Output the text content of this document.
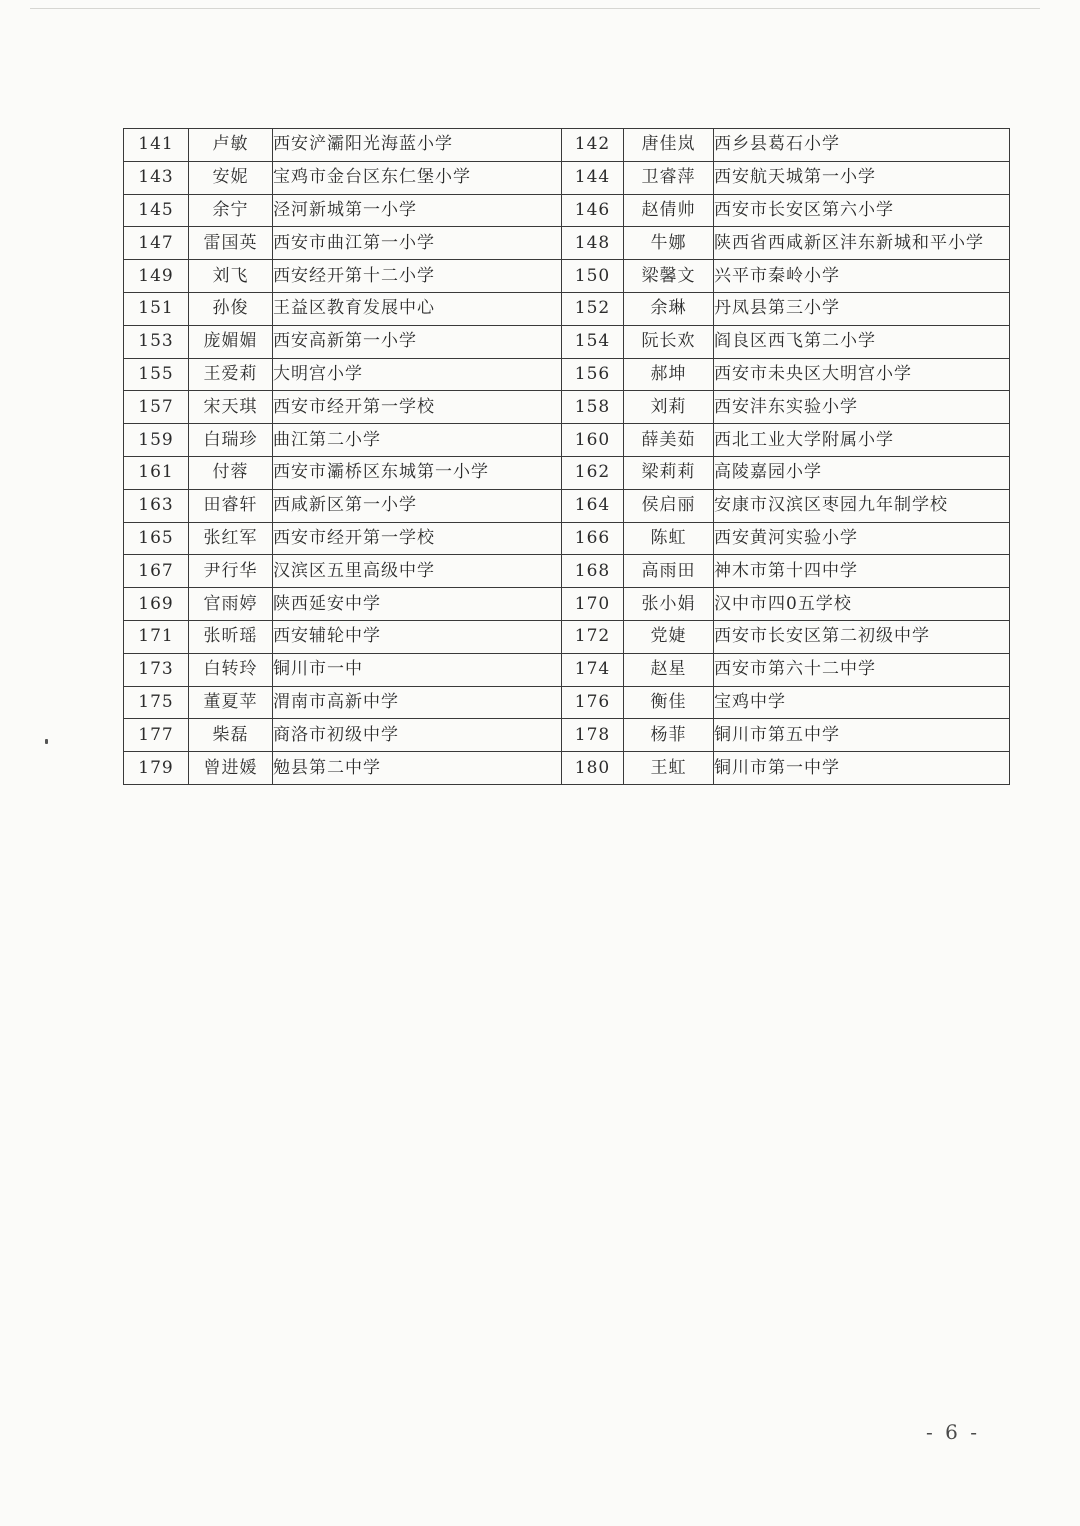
141	卢敏	西安浐灞阳光海蓝小学	142	唐佳岚	西乡县葛石小学
143	安妮	宝鸡市金台区东仁堡小学	144	卫睿萍	西安航天城第一小学
145	余宁	泾河新城第一小学	146	赵倩帅	西安市长安区第六小学
147	雷国英	西安市曲江第一小学	148	牛娜	陕西省西咸新区沣东新城和平小学
149	刘飞	西安经开第十二小学	150	梁馨文	兴平市秦岭小学
151	孙俊	王益区教育发展中心	152	余琳	丹凤县第三小学
153	庞媚媚	西安高新第一小学	154	阮长欢	阎良区西飞第二小学
155	王爱莉	大明宫小学	156	郝坤	西安市未央区大明宫小学
157	宋天琪	西安市经开第一学校	158	刘莉	西安沣东实验小学
159	白瑞珍	曲江第二小学	160	薛美茹	西北工业大学附属小学
161	付蓉	西安市灞桥区东城第一小学	162	梁莉莉	高陵嘉园小学
163	田睿轩	西咸新区第一小学	164	侯启丽	安康市汉滨区枣园九年制学校
165	张红军	西安市经开第一学校	166	陈虹	西安黄河实验小学
167	尹行华	汉滨区五里高级中学	168	高雨田	神木市第十四中学
169	官雨婷	陕西延安中学	170	张小娟	汉中市四0五学校
171	张昕瑶	西安辅轮中学	172	党婕	西安市长安区第二初级中学
173	白转玲	铜川市一中	174	赵星	西安市第六十二中学
175	董夏苹	渭南市高新中学	176	衡佳	宝鸡中学
177	柴磊	商洛市初级中学	178	杨菲	铜川市第五中学
179	曾进媛	勉县第二中学	180	王虹	铜川市第一中学
- 6 -
